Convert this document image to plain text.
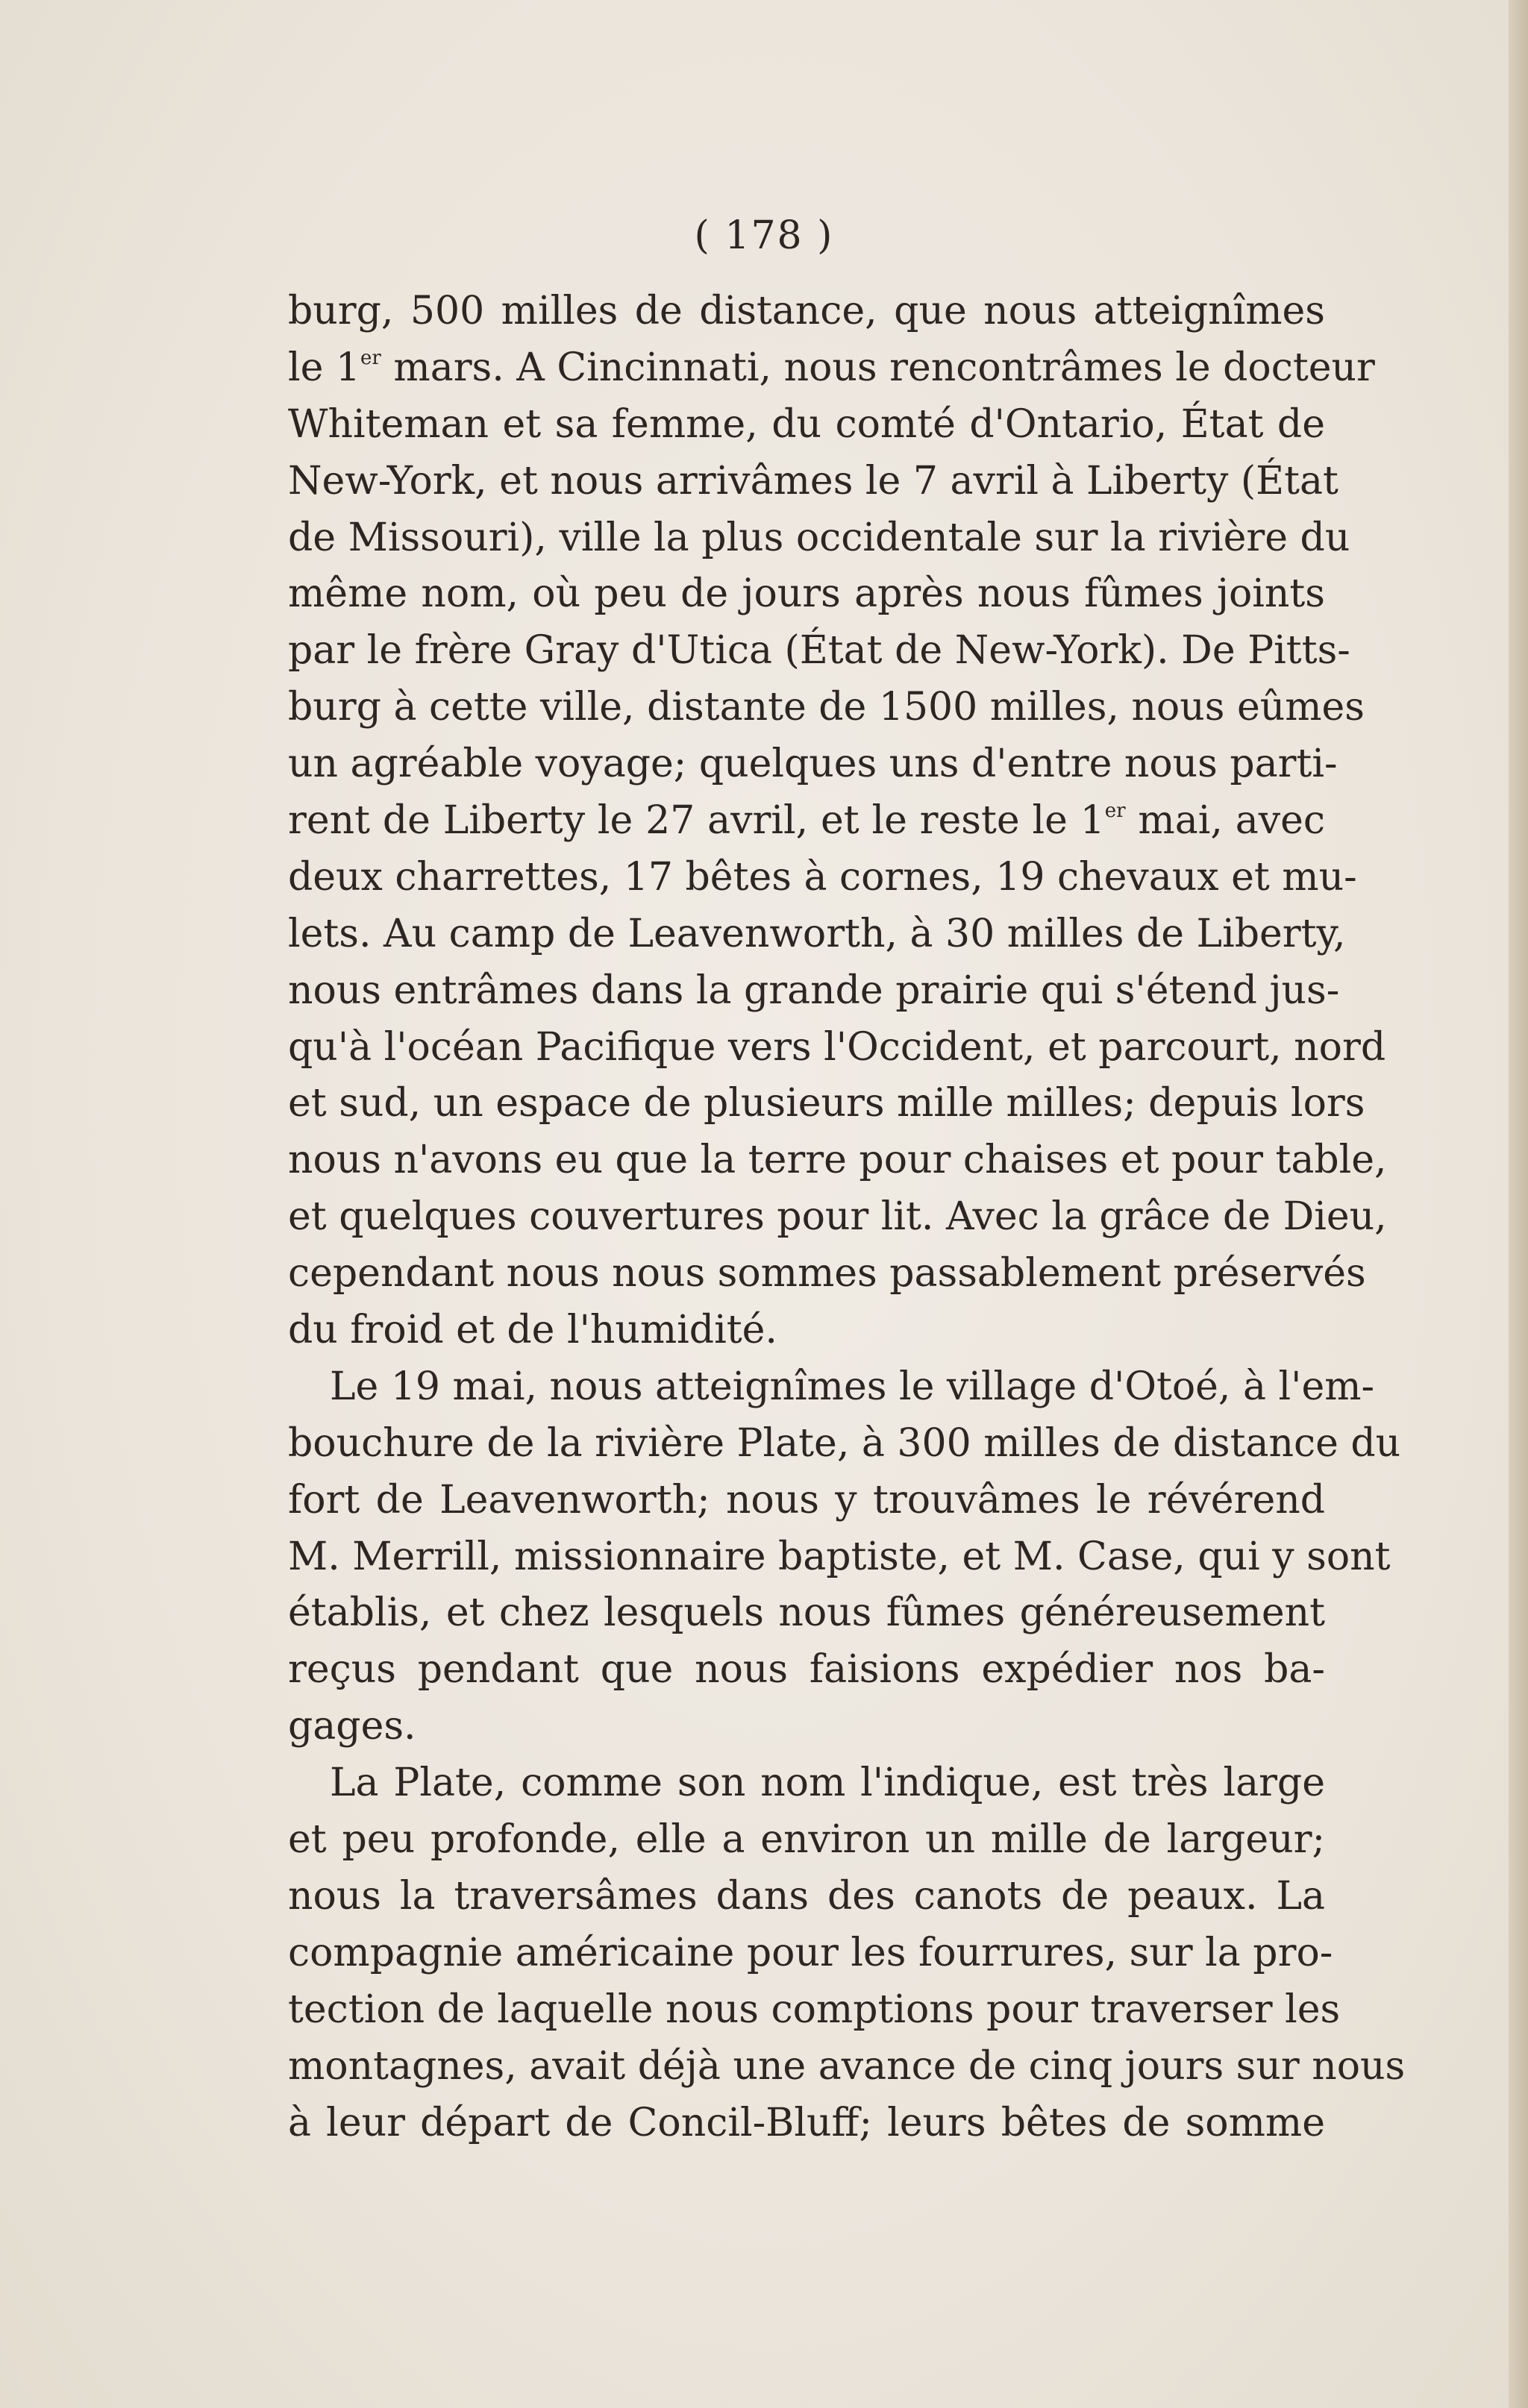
( 178 )
burg, 500 milles de distance, que nous atteignîmes
le 1er mars. A Cincinnati, nous rencontrâmes le docteur
Whiteman et sa femme, du comté d'Ontario, État de
New-York, et nous arrivâmes le 7 avril à Liberty (État
de Missouri), ville la plus occidentale sur la rivière du
même nom, où peu de jours après nous fûmes joints
par le frère Gray d'Utica (État de New-York). De Pitts-
burg à cette ville, distante de 1500 milles, nous eûmes
un agréable voyage; quelques uns d'entre nous parti-
rent de Liberty le 27 avril, et le reste le 1er mai, avec
deux charrettes, 17 bêtes à cornes, 19 chevaux et mu-
lets. Au camp de Leavenworth, à 30 milles de Liberty,
nous entrâmes dans la grande prairie qui s'étend jus-
qu'à l'océan Pacifique vers l'Occident, et parcourt, nord
et sud, un espace de plusieurs mille milles; depuis lors
nous n'avons eu que la terre pour chaises et pour table,
et quelques couvertures pour lit. Avec la grâce de Dieu,
cependant nous nous sommes passablement préservés
du froid et de l'humidité.
Le 19 mai, nous atteignîmes le village d'Otoé, à l'em-
bouchure de la rivière Plate, à 300 milles de distance du
fort de Leavenworth; nous y trouvâmes le révérend
M. Merrill, missionnaire baptiste, et M. Case, qui y sont
établis, et chez lesquels nous fûmes généreusement
reçus pendant que nous faisions expédier nos ba-
gages.
La Plate, comme son nom l'indique, est très large
et peu profonde, elle a environ un mille de largeur;
nous la traversâmes dans des canots de peaux. La
compagnie américaine pour les fourrures, sur la pro-
tection de laquelle nous comptions pour traverser les
montagnes, avait déjà une avance de cinq jours sur nous
à leur départ de Concil-Bluff; leurs bêtes de somme
